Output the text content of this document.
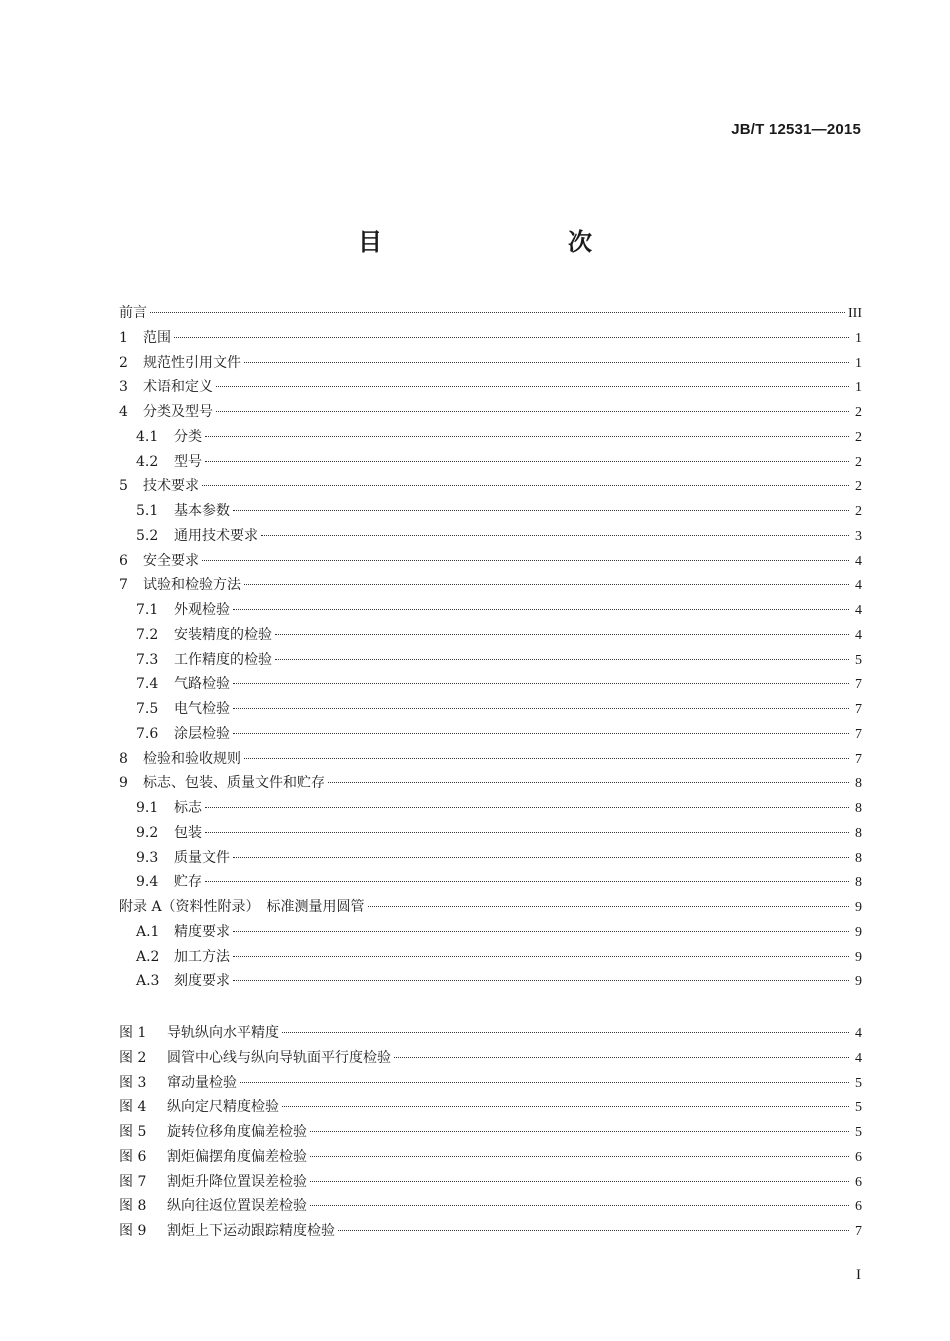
JB/T 12531—2015
目　　次
前言	III
1	范围	1
2	规范性引用文件	1
3	术语和定义	1
4	分类及型号	2
4.1	分类	2
4.2	型号	2
5	技术要求	2
5.1	基本参数	2
5.2	通用技术要求	3
6	安全要求	4
7	试验和检验方法	4
7.1	外观检验	4
7.2	安装精度的检验	4
7.3	工作精度的检验	5
7.4	气路检验	7
7.5	电气检验	7
7.6	涂层检验	7
8	检验和验收规则	7
9	标志、包装、质量文件和贮存	8
9.1	标志	8
9.2	包装	8
9.3	质量文件	8
9.4	贮存	8
附录 A（资料性附录）　标准测量用圆管	9
A.1	精度要求	9
A.2	加工方法	9
A.3	刻度要求	9
图 1	导轨纵向水平精度	4
图 2	圆管中心线与纵向导轨面平行度检验	4
图 3	窜动量检验	5
图 4	纵向定尺精度检验	5
图 5	旋转位移角度偏差检验	5
图 6	割炬偏摆角度偏差检验	6
图 7	割炬升降位置误差检验	6
图 8	纵向往返位置误差检验	6
图 9	割炬上下运动跟踪精度检验	7
I
